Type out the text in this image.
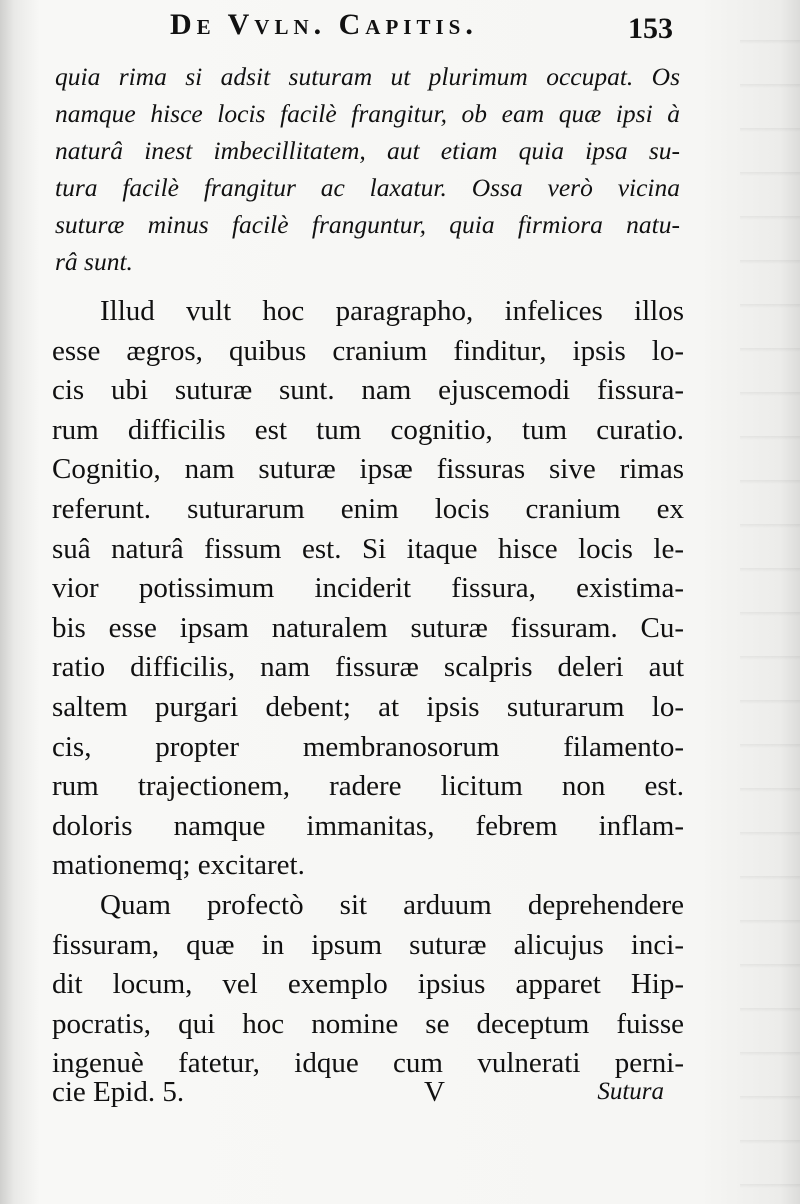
De Vvln. Capitis.	153
quia rima si adsit suturam ut plurimum occupat. Os
namque hisce locis facilè frangitur, ob eam quæ ipsi à
naturâ inest imbecillitatem, aut etiam quia ipsa su-
tura facilè frangitur ac laxatur. Ossa verò vicina
suturæ minus facilè franguntur, quia firmiora natu-
râ sunt.
Illud vult hoc paragrapho, infelices illos
esse ægros, quibus cranium finditur, ipsis lo-
cis ubi suturæ sunt. nam ejuscemodi fissura-
rum difficilis est tum cognitio, tum curatio.
Cognitio, nam suturæ ipsæ fissuras sive rimas
referunt. suturarum enim locis cranium ex
suâ naturâ fissum est. Si itaque hisce locis le-
vior potissimum inciderit fissura, existima-
bis esse ipsam naturalem suturæ fissuram. Cu-
ratio difficilis, nam fissuræ scalpris deleri aut
saltem purgari debent; at ipsis suturarum lo-
cis, propter membranosorum filamento-
rum trajectionem, radere licitum non est.
doloris namque immanitas, febrem inflam-
mationemq; excitaret.
Quam profectò sit arduum deprehendere
fissuram, quæ in ipsum suturæ alicujus inci-
dit locum, vel exemplo ipsius apparet Hip-
pocratis, qui hoc nomine se deceptum fuisse
ingenuè fatetur, idque cum vulnerati perni-
cie Epid. 5.	V	Sutura
